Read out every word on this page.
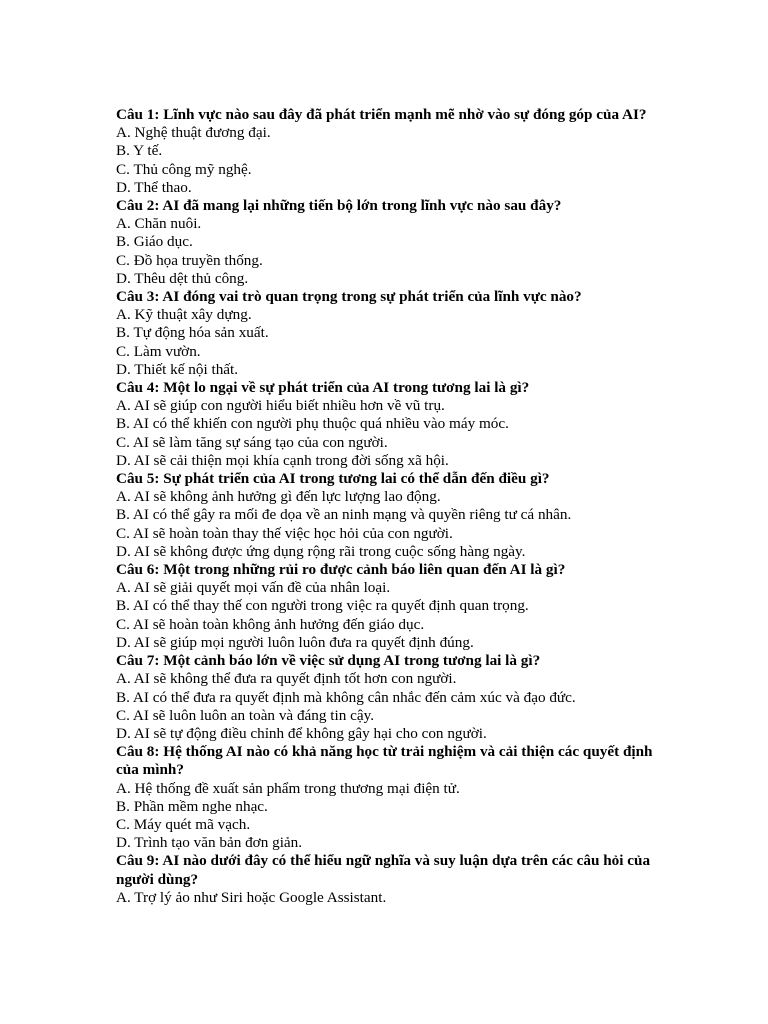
Câu 1: Lĩnh vực nào sau đây đã phát triển mạnh mẽ nhờ vào sự đóng góp của AI?

A. Nghệ thuật đương đại.

B. Y tế.

C. Thủ công mỹ nghệ.

D. Thể thao.

Câu 2: AI đã mang lại những tiến bộ lớn trong lĩnh vực nào sau đây?

A. Chăn nuôi.

B. Giáo dục.

C. Đồ họa truyền thống.

D. Thêu dệt thủ công.

Câu 3: AI đóng vai trò quan trọng trong sự phát triển của lĩnh vực nào?

A. Kỹ thuật xây dựng.

B. Tự động hóa sản xuất.

C. Làm vườn.

D. Thiết kế nội thất.

Câu 4: Một lo ngại về sự phát triển của AI trong tương lai là gì?

A. AI sẽ giúp con người hiểu biết nhiều hơn về vũ trụ.

B. AI có thể khiến con người phụ thuộc quá nhiều vào máy móc.

C. AI sẽ làm tăng sự sáng tạo của con người.

D. AI sẽ cải thiện mọi khía cạnh trong đời sống xã hội.

Câu 5: Sự phát triển của AI trong tương lai có thể dẫn đến điều gì?

A. AI sẽ không ảnh hưởng gì đến lực lượng lao động.

B. AI có thể gây ra mối đe dọa về an ninh mạng và quyền riêng tư cá nhân.

C. AI sẽ hoàn toàn thay thế việc học hỏi của con người.

D. AI sẽ không được ứng dụng rộng rãi trong cuộc sống hàng ngày.

Câu 6: Một trong những rủi ro được cảnh báo liên quan đến AI là gì?

A. AI sẽ giải quyết mọi vấn đề của nhân loại.

B. AI có thể thay thế con người trong việc ra quyết định quan trọng.

C. AI sẽ hoàn toàn không ảnh hưởng đến giáo dục.

D. AI sẽ giúp mọi người luôn luôn đưa ra quyết định đúng.

Câu 7: Một cảnh báo lớn về việc sử dụng AI trong tương lai là gì?

A. AI sẽ không thể đưa ra quyết định tốt hơn con người.

B. AI có thể đưa ra quyết định mà không cân nhắc đến cảm xúc và đạo đức.

C. AI sẽ luôn luôn an toàn và đáng tin cậy.

D. AI sẽ tự động điều chỉnh để không gây hại cho con người.

Câu 8: Hệ thống AI nào có khả năng học từ trải nghiệm và cải thiện các quyết định của mình?

A. Hệ thống đề xuất sản phẩm trong thương mại điện tử.

B. Phần mềm nghe nhạc.

C. Máy quét mã vạch.

D. Trình tạo văn bản đơn giản.

Câu 9: AI nào dưới đây có thể hiểu ngữ nghĩa và suy luận dựa trên các câu hỏi của người dùng?

A. Trợ lý ảo như Siri hoặc Google Assistant.
